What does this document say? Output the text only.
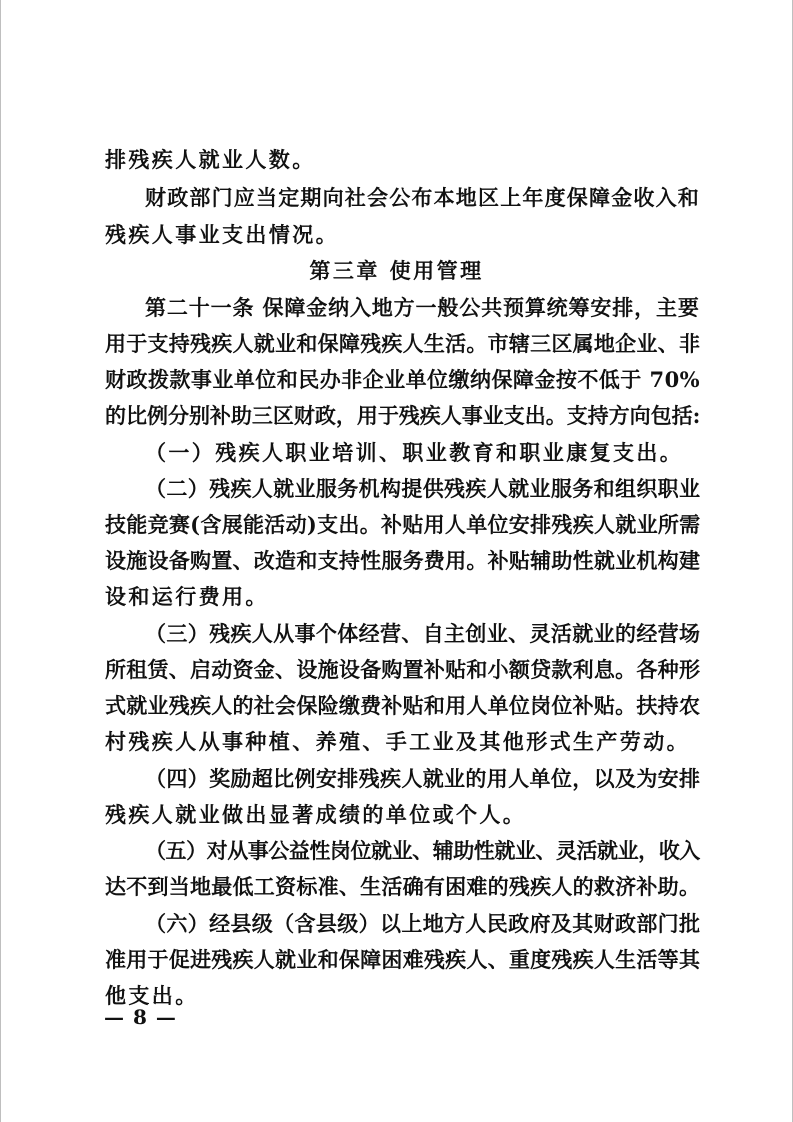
排残疾人就业人数。
财政部门应当定期向社会公布本地区上年度保障金收入和
残疾人事业支出情况。
第三章 使用管理
第二十一条 保障金纳入地方一般公共预算统筹安排，主要
用于支持残疾人就业和保障残疾人生活。市辖三区属地企业、非
财政拨款事业单位和民办非企业单位缴纳保障金按不低于 70%
的比例分别补助三区财政，用于残疾人事业支出。支持方向包括:
（一）残疾人职业培训、职业教育和职业康复支出。
（二）残疾人就业服务机构提供残疾人就业服务和组织职业
技能竞赛(含展能活动)支出。补贴用人单位安排残疾人就业所需
设施设备购置、改造和支持性服务费用。补贴辅助性就业机构建
设和运行费用。
（三）残疾人从事个体经营、自主创业、灵活就业的经营场
所租赁、启动资金、设施设备购置补贴和小额贷款利息。各种形
式就业残疾人的社会保险缴费补贴和用人单位岗位补贴。扶持农
村残疾人从事种植、养殖、手工业及其他形式生产劳动。
（四）奖励超比例安排残疾人就业的用人单位，以及为安排
残疾人就业做出显著成绩的单位或个人。
（五）对从事公益性岗位就业、辅助性就业、灵活就业，收入
达不到当地最低工资标准、生活确有困难的残疾人的救济补助。
（六）经县级（含县级）以上地方人民政府及其财政部门批
准用于促进残疾人就业和保障困难残疾人、重度残疾人生活等其
他支出。
— 8 —
